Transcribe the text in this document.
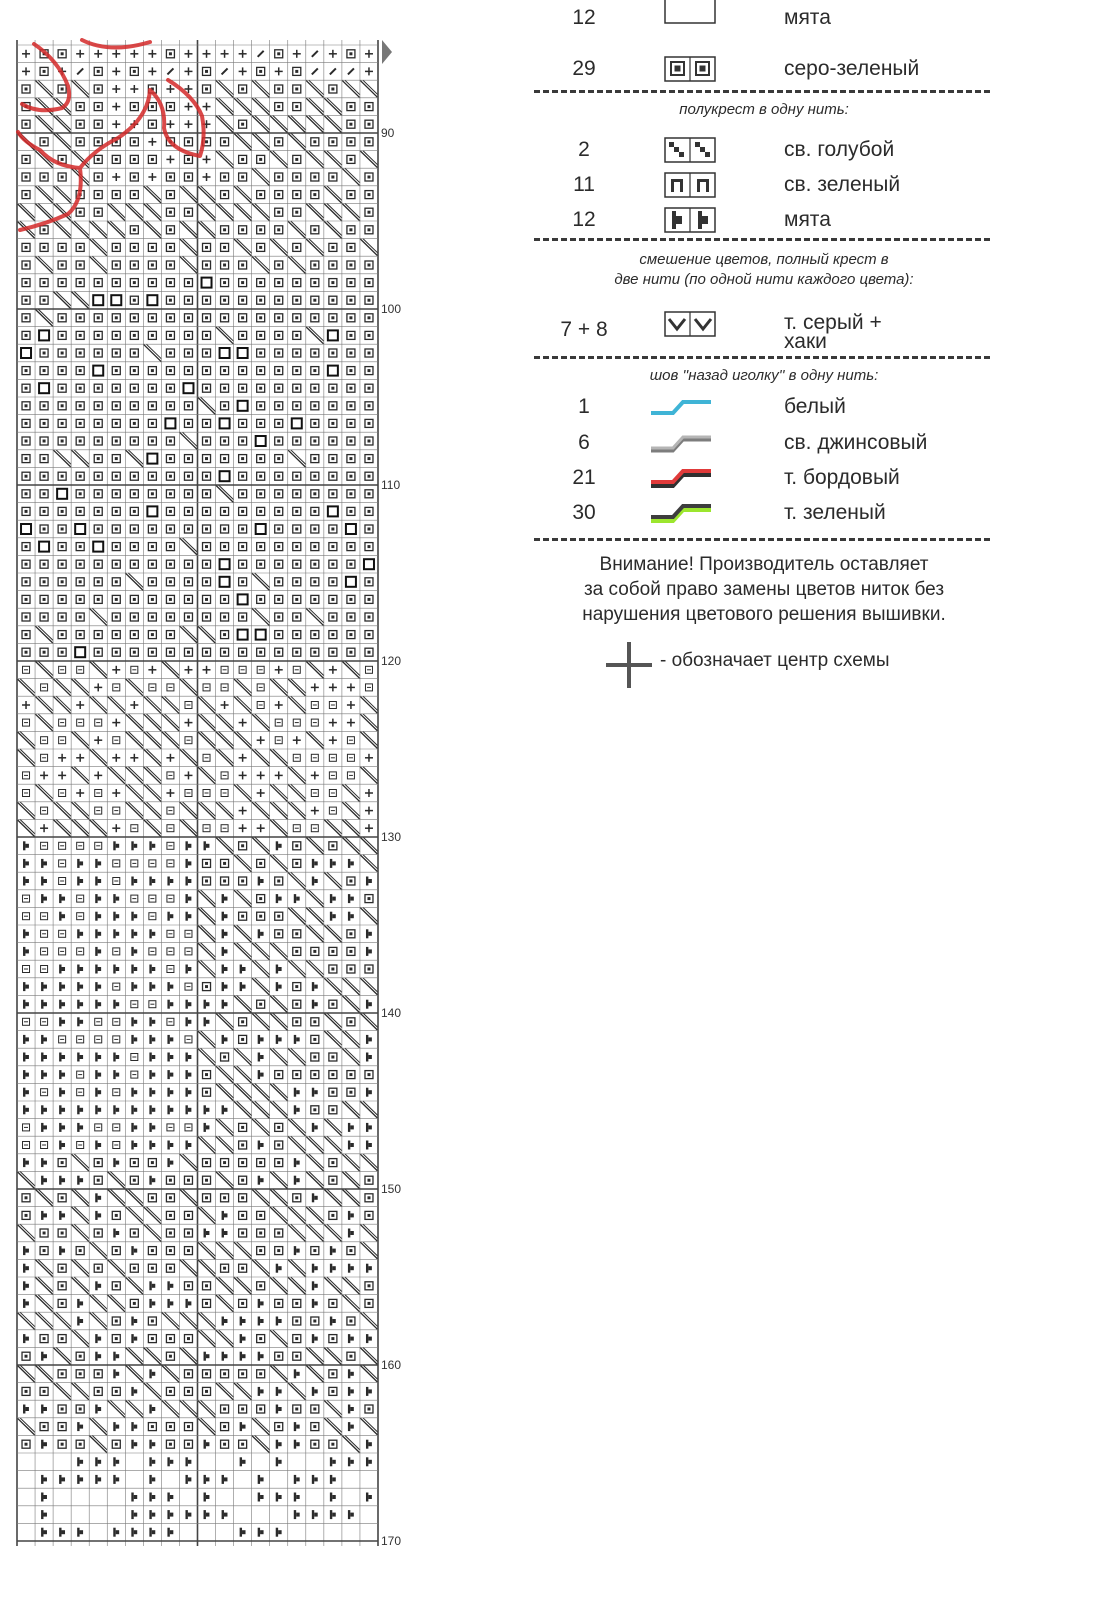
90
100
110
120
130
140
150
160
170
12	мята
29	серо-зеленый
полукрест в одну нить:
2	св. голубой
11	св. зеленый
12	мята
смешение цветов, полный крест в
две нити (по одной нити каждого цвета):
7 + 8	т. серый +
хаки
шов ''назад иголку'' в одну нить:
1	белый
6	св. джинсовый
21	т. бордовый
30	т. зеленый
Внимание! Производитель оставляет
за собой право замены цветов ниток без
нарушения цветового решения вышивки.
- обозначает центр схемы
